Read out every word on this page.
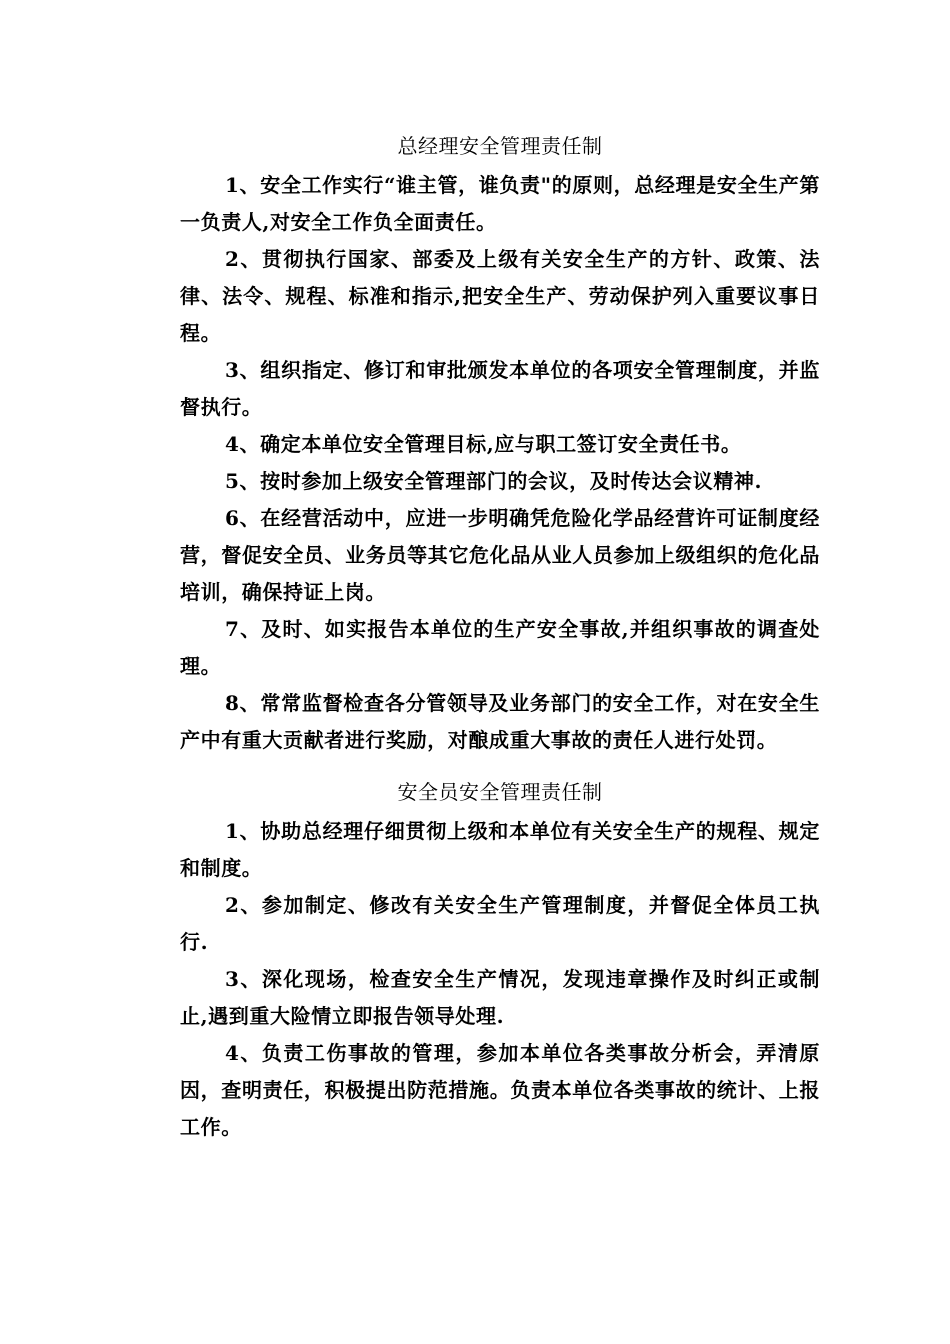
总经理安全管理责任制

1、安全工作实行“谁主管，谁负责"的原则，总经理是安全生产第一负责人,对安全工作负全面责任。

2、贯彻执行国家、部委及上级有关安全生产的方针、政策、法律、法令、规程、标准和指示,把安全生产、劳动保护列入重要议事日程。

3、组织指定、修订和审批颁发本单位的各项安全管理制度，并监督执行。

4、确定本单位安全管理目标,应与职工签订安全责任书。

5、按时参加上级安全管理部门的会议，及时传达会议精神.

6、在经营活动中，应进一步明确凭危险化学品经营许可证制度经营，督促安全员、业务员等其它危化品从业人员参加上级组织的危化品培训，确保持证上岗。

7、及时、如实报告本单位的生产安全事故,并组织事故的调查处理。

8、常常监督检查各分管领导及业务部门的安全工作，对在安全生产中有重大贡献者进行奖励，对酿成重大事故的责任人进行处罚。

安全员安全管理责任制

1、协助总经理仔细贯彻上级和本单位有关安全生产的规程、规定和制度。

2、参加制定、修改有关安全生产管理制度，并督促全体员工执行.

3、深化现场，检查安全生产情况，发现违章操作及时纠正或制止,遇到重大险情立即报告领导处理.

4、负责工伤事故的管理，参加本单位各类事故分析会，弄清原因，查明责任，积极提出防范措施。负责本单位各类事故的统计、上报工作。
